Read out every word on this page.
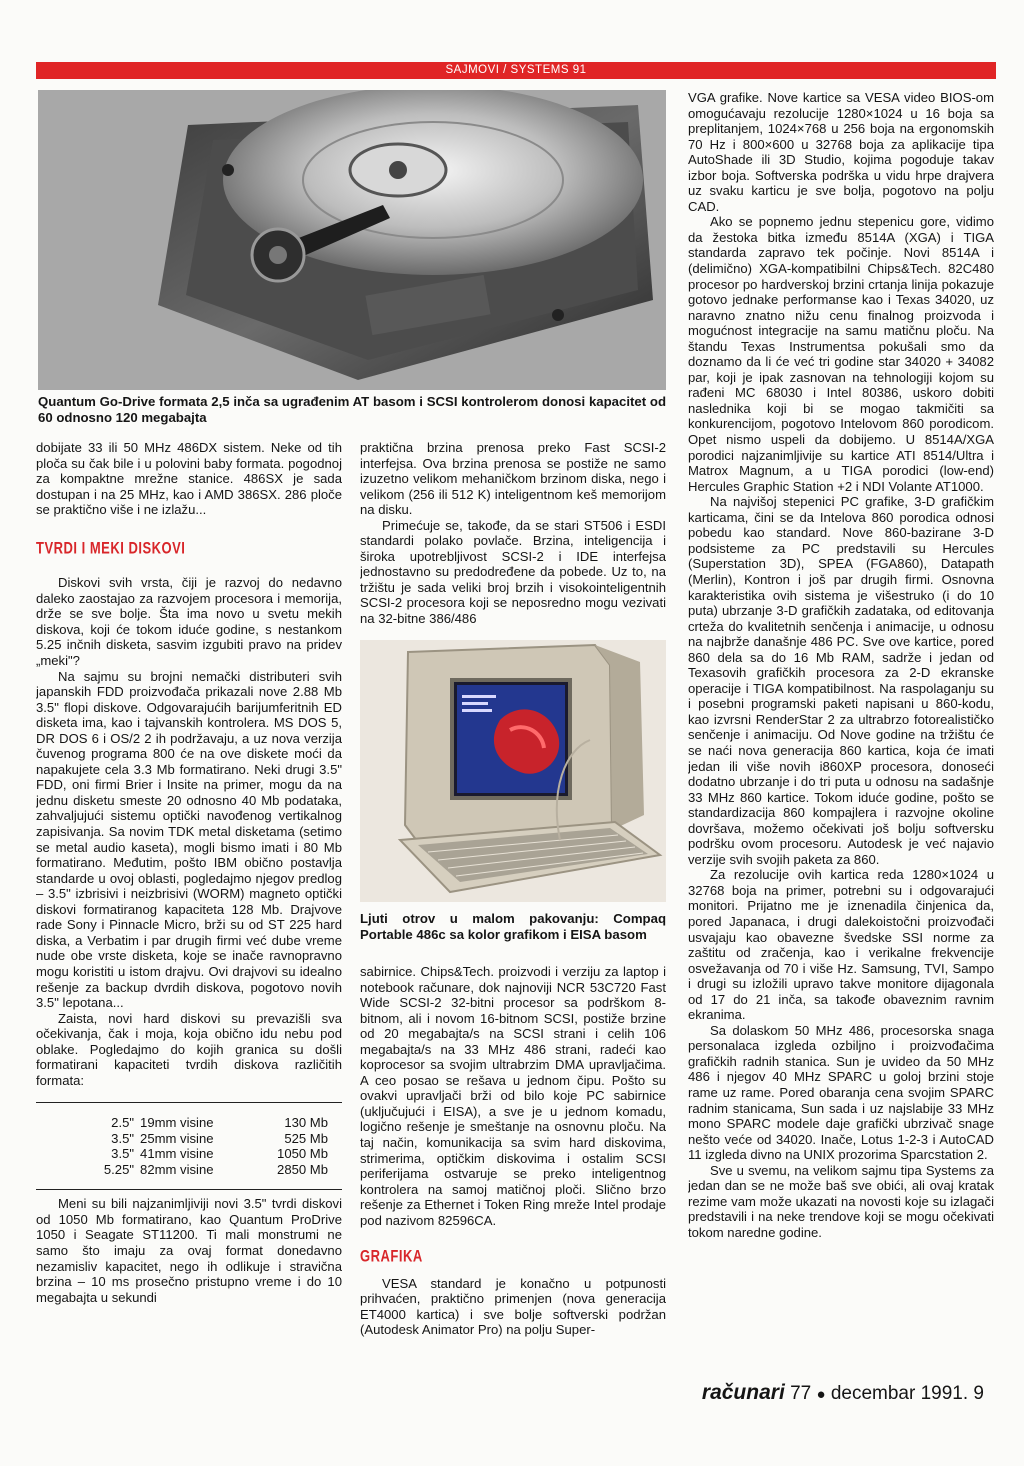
SAJMOVI / SYSTEMS 91

Quantum Go-Drive formata 2,5 inča sa ugrađenim AT basom i SCSI kontrolerom donosi kapacitet od 60 odnosno 120 megabajta

dobijate 33 ili 50 MHz 486DX sistem. Neke od tih ploča su čak bile i u polovini baby formata. pogodnoj za kompaktne mrežne stanice. 486SX je sada dostupan i na 25 MHz, kao i AMD 386SX. 286 ploče se praktično više i ne izlažu...

TVRDI I MEKI DISKOVI

Diskovi svih vrsta, čiji je razvoj do nedavno daleko zaostajao za razvojem procesora i memorija, drže se sve bolje. Šta ima novo u svetu mekih diskova, koji će tokom iduće godine, s nestankom 5.25 inčnih disketa, sasvim izgubiti pravo na pridev „meki"?

Na sajmu su brojni nemački distributeri svih japanskih FDD proizvođača prikazali nove 2.88 Mb 3.5" flopi diskove. Odgovarajućih barijumferitnih ED disketa ima, kao i tajvanskih kontrolera. MS DOS 5, DR DOS 6 i OS/2 2 ih podržavaju, a uz nova verzija čuvenog programa 800 će na ove diskete moći da napakujete cela 3.3 Mb formatirano. Neki drugi 3.5" FDD, oni firmi Brier i Insite na primer, mogu da na jednu disketu smeste 20 odnosno 40 Mb podataka, zahvaljujući sistemu optički navođenog vertikalnog zapisivanja. Sa novim TDK metal disketama (setimo se metal audio kaseta), mogli bismo imati i 80 Mb formatirano. Međutim, pošto IBM obično postavlja standarde u ovoj oblasti, pogledajmo njegov predlog – 3.5" izbrisivi i neizbrisivi (WORM) magneto optički diskovi formatiranog kapaciteta 128 Mb. Drajvove rade Sony i Pinnacle Micro, brži su od ST 225 hard diska, a Verbatim i par drugih firmi već dube vreme nude obe vrste disketa, koje se inače ravnopravno mogu koristiti u istom drajvu. Ovi drajvovi su idealno rešenje za backup dvrdih diskova, pogotovo novih 3.5" lepotana...

Zaista, novi hard diskovi su prevazišli sva očekivanja, čak i moja, koja obično idu nebu pod oblake. Pogledajmo do kojih granica su došli formatirani kapaciteti tvrdih diskova različitih formata:

2.5"	19mm visine	130 Mb
3.5"	25mm visine	525 Mb
3.5"	41mm visine	1050 Mb
5.25"	82mm visine	2850 Mb

Meni su bili najzanimljiviji novi 3.5" tvrdi diskovi od 1050 Mb formatirano, kao Quantum ProDrive 1050 i Seagate ST11200. Ti mali monstrumi ne samo što imaju za ovaj format donedavno nezamisliv kapacitet, nego ih odlikuje i stravična brzina – 10 ms prosečno pristupno vreme i do 10 megabajta u sekundi

praktična brzina prenosa preko Fast SCSI-2 interfejsa. Ova brzina prenosa se postiže ne samo izuzetno velikom mehaničkom brzinom diska, nego i velikom (256 ili 512 K) inteligentnom keš memorijom na disku.

Primećuje se, takođe, da se stari ST506 i ESDI standardi polako povlače. Brzina, inteligencija i široka upotrebljivost SCSI-2 i IDE interfejsa jednostavno su predodređene da pobede. Uz to, na tržištu je sada veliki broj brzih i visokointeligentnih SCSI-2 procesora koji se neposredno mogu vezivati na 32-bitne 386/486

Ljuti otrov u malom pakovanju: Compaq Portable 486c sa kolor grafikom i EISA basom

sabirnice. Chips&Tech. proizvodi i verziju za laptop i notebook računare, dok najnoviji NCR 53C720 Fast Wide SCSI-2 32-bitni procesor sa podrškom 8-bitnom, ali i novom 16-bitnom SCSI, postiže brzine od 20 megabajta/s na SCSI strani i celih 106 megabajta/s na 33 MHz 486 strani, radeći kao koprocesor sa svojim ultrabrzim DMA upravljačima. A ceo posao se rešava u jednom čipu. Pošto su ovakvi upravljači brži od bilo koje PC sabirnice (uključujući i EISA), a sve je u jednom komadu, logično rešenje je smeštanje na osnovnu ploču. Na taj način, komunikacija sa svim hard diskovima, strimerima, optičkim diskovima i ostalim SCSI periferijama ostvaruje se preko inteligentnog kontrolera na samoj matičnoj ploči. Slično brzo rešenje za Ethernet i Token Ring mreže Intel prodaje pod nazivom 82596CA.

GRAFIKA

VESA standard je konačno u potpunosti prihvaćen, praktično primenjen (nova generacija ET4000 kartica) i sve bolje softverski podržan (Autodesk Animator Pro) na polju Super-

VGA grafike. Nove kartice sa VESA video BIOS-om omogućavaju rezolucije 1280×1024 u 16 boja sa preplitanjem, 1024×768 u 256 boja na ergonomskih 70 Hz i 800×600 u 32768 boja za aplikacije tipa AutoShade ili 3D Studio, kojima pogoduje takav izbor boja. Softverska podrška u vidu hrpe drajvera uz svaku karticu je sve bolja, pogotovo na polju CAD.

Ako se popnemo jednu stepenicu gore, vidimo da žestoka bitka između 8514A (XGA) i TIGA standarda zapravo tek počinje. Novi 8514A i (delimično) XGA-kompatibilni Chips&Tech. 82C480 procesor po hardverskoj brzini crtanja linija pokazuje gotovo jednake performanse kao i Texas 34020, uz naravno znatno nižu cenu finalnog proizvoda i mogućnost integracije na samu matičnu ploču. Na štandu Texas Instrumentsa pokušali smo da doznamo da li će već tri godine star 34020 + 34082 par, koji je ipak zasnovan na tehnologiji kojom su rađeni MC 68030 i Intel 80386, uskoro dobiti naslednika koji bi se mogao takmičiti sa konkurencijom, pogotovo Intelovom 860 porodicom. Opet nismo uspeli da dobijemo. U 8514A/XGA porodici najzanimljivije su kartice ATI 8514/Ultra i Matrox Magnum, a u TIGA porodici (low-end) Hercules Graphic Station +2 i NDI Volante AT1000.

Na najvišoj stepenici PC grafike, 3-D grafičkim karticama, čini se da Intelova 860 porodica odnosi pobedu kao standard. Nove 860-bazirane 3-D podsisteme za PC predstavili su Hercules (Superstation 3D), SPEA (FGA860), Datapath (Merlin), Kontron i još par drugih firmi. Osnovna karakteristika ovih sistema je višestruko (i do 10 puta) ubrzanje 3-D grafičkih zadataka, od editovanja crteža do kvalitetnih senčenja i animacije, u odnosu na najbrže današnje 486 PC. Sve ove kartice, pored 860 dela sa do 16 Mb RAM, sadrže i jedan od Texasovih grafičkih procesora za 2-D ekranske operacije i TIGA kompatibilnost. Na raspolaganju su i posebni programski paketi napisani u 860-kodu, kao izvrsni RenderStar 2 za ultrabrzo fotorealističko senčenje i animaciju. Od Nove godine na tržištu će se naći nova generacija 860 kartica, koja će imati jedan ili više novih i860XP procesora, donoseći dodatno ubrzanje i do tri puta u odnosu na sadašnje 33 MHz 860 kartice. Tokom iduće godine, pošto se standardizacija 860 kompajlera i razvojne okoline dovršava, možemo očekivati još bolju softversku podršku ovom procesoru. Autodesk je već najavio verzije svih svojih paketa za 860.

Za rezolucije ovih kartica reda 1280×1024 u 32768 boja na primer, potrebni su i odgovarajući monitori. Prijatno me je iznenadila činjenica da, pored Japanaca, i drugi dalekoistočni proizvođači usvajaju kao obavezne švedske SSI norme za zaštitu od zračenja, kao i verikalne frekvencije osvežavanja od 70 i više Hz. Samsung, TVI, Sampo i drugi su izložili upravo takve monitore dijagonala od 17 do 21 inča, sa takođe obaveznim ravnim ekranima.

Sa dolaskom 50 MHz 486, procesorska snaga personalaca izgleda ozbiljno i proizvođačima grafičkih radnih stanica. Sun je uvideo da 50 MHz 486 i njegov 40 MHz SPARC u goloj brzini stoje rame uz rame. Pored obaranja cena svojim SPARC radnim stanicama, Sun sada i uz najslabije 33 MHz mono SPARC modele daje grafički ubrzivač snage nešto veće od 34020. Inače, Lotus 1-2-3 i AutoCAD 11 izgleda divno na UNIX prozorima Sparcstation 2.

Sve u svemu, na velikom sajmu tipa Systems za jedan dan se ne može baš sve obići, ali ovaj kratak rezime vam može ukazati na novosti koje su izlagači predstavili i na neke trendove koji se mogu očekivati tokom naredne godine.

računari 77 ● decembar 1991. 9
